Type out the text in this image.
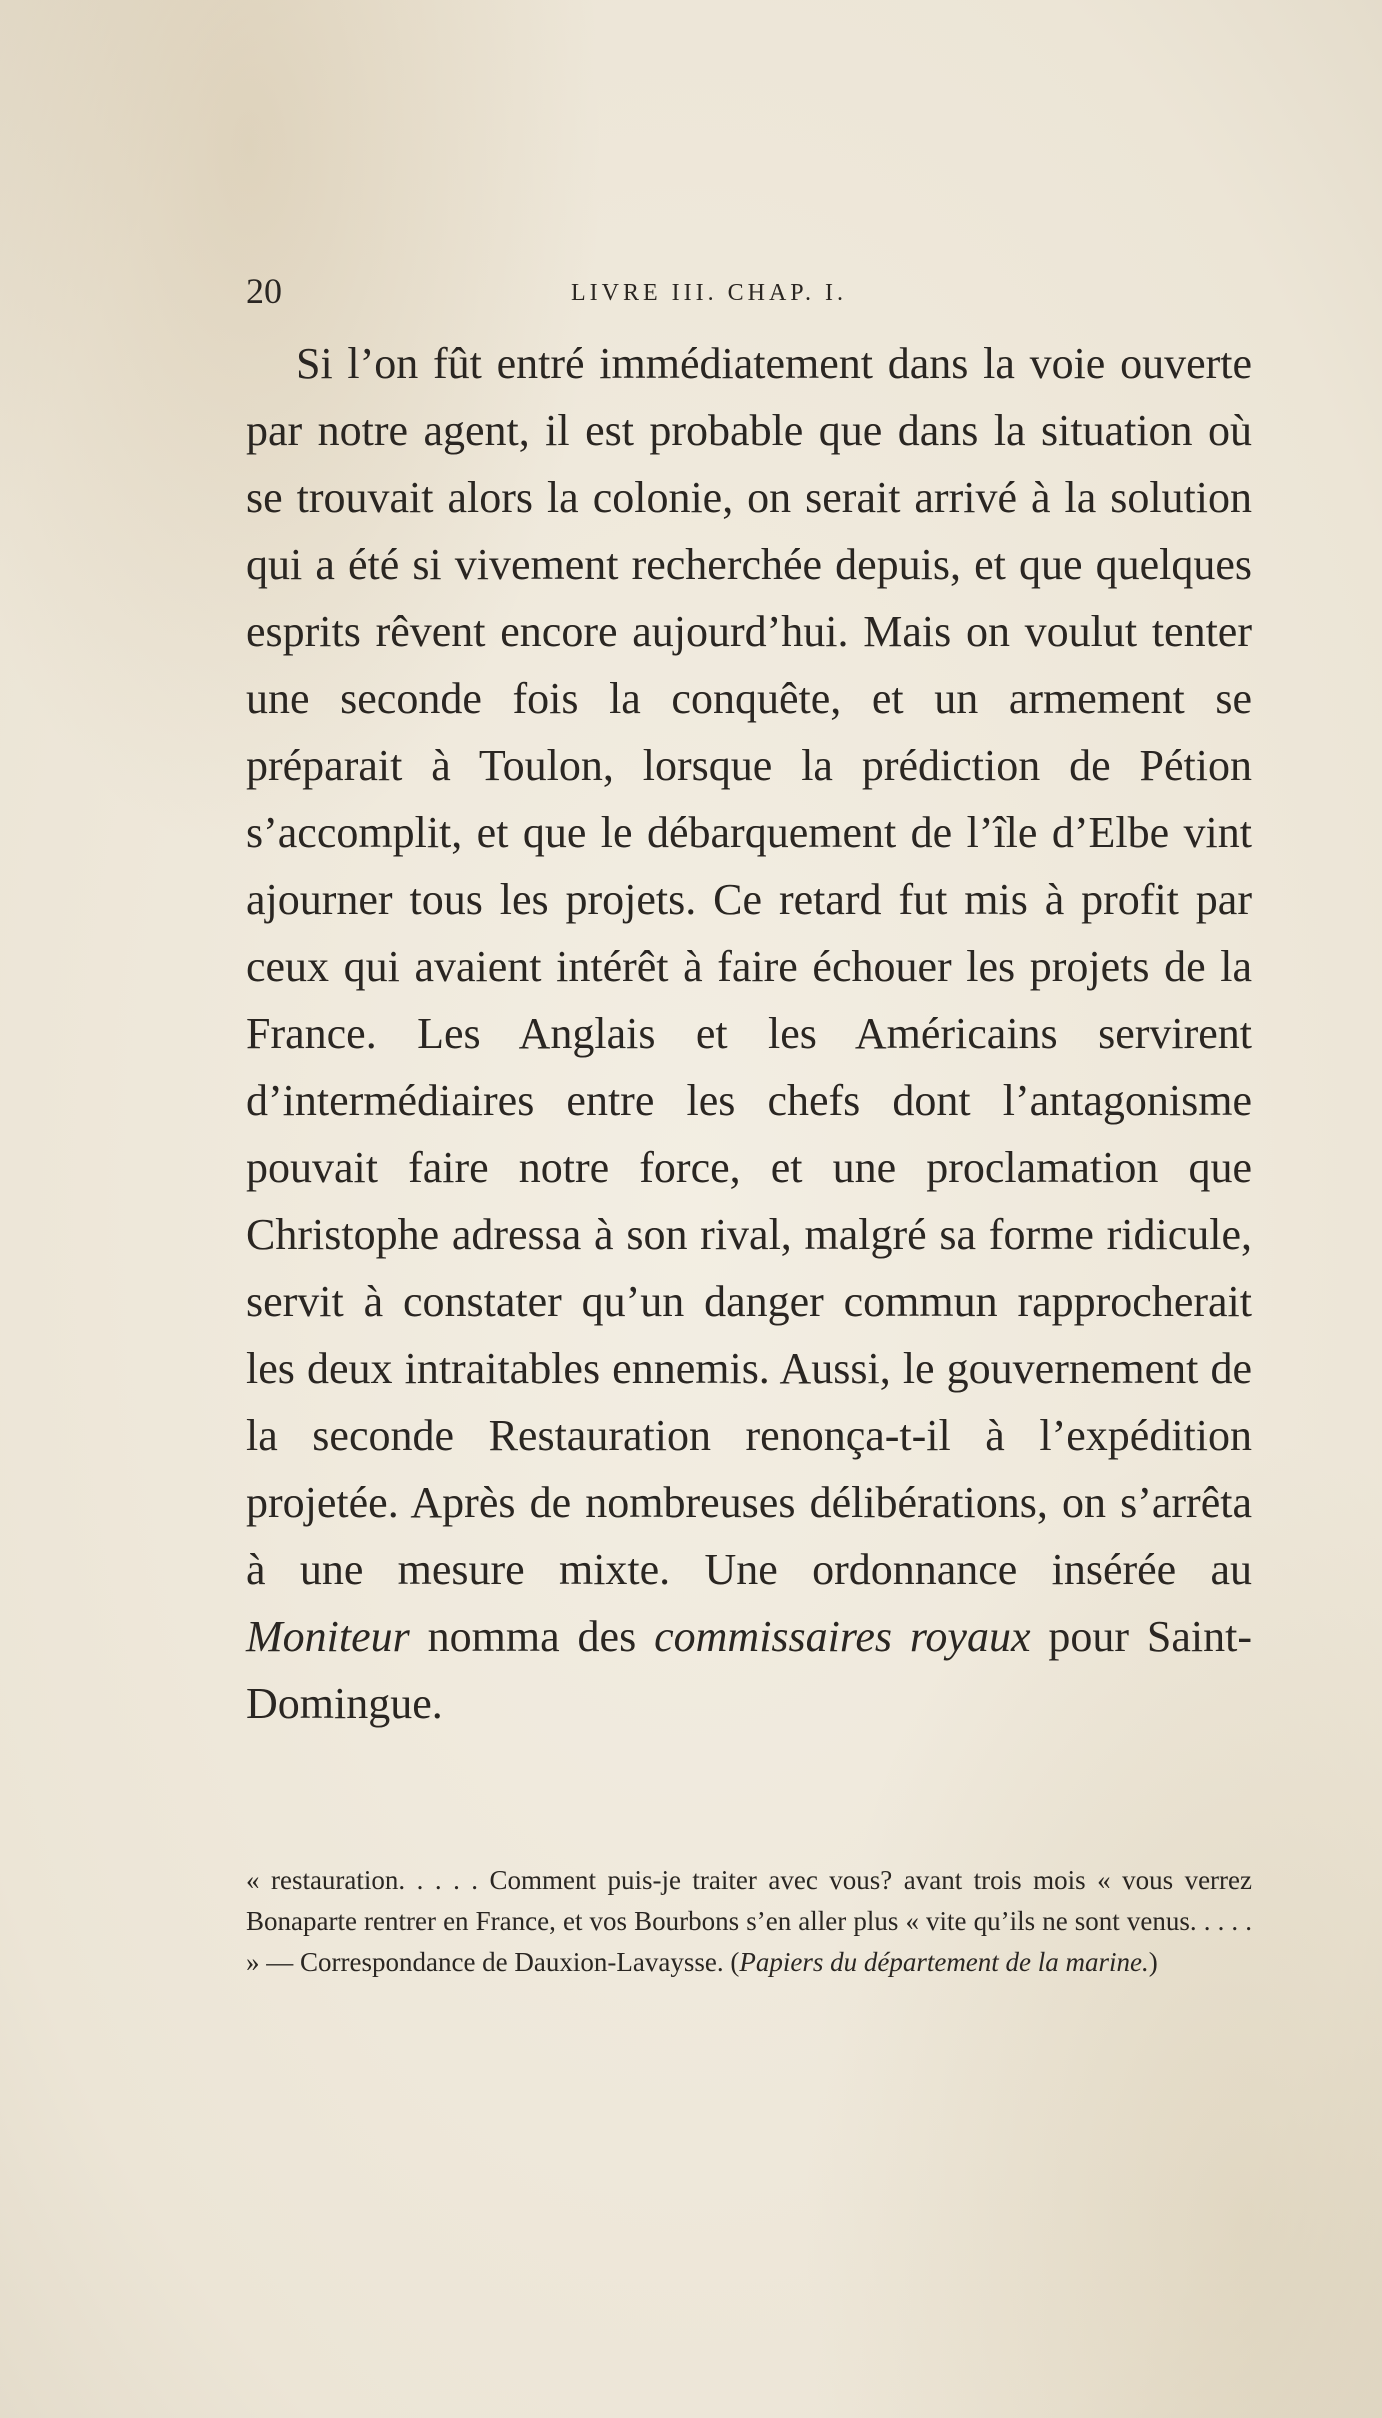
20	LIVRE III. CHAP. I.

Si l’on fût entré immédiatement dans la voie ouverte par notre agent, il est probable que dans la situation où se trouvait alors la colonie, on serait arrivé à la solution qui a été si vivement recherchée depuis, et que quelques esprits rêvent encore aujourd’hui. Mais on voulut tenter une seconde fois la conquête, et un armement se préparait à Toulon, lorsque la prédiction de Pétion s’accomplit, et que le débarquement de l’île d’Elbe vint ajourner tous les projets. Ce retard fut mis à profit par ceux qui avaient intérêt à faire échouer les projets de la France. Les Anglais et les Américains servirent d’intermédiaires entre les chefs dont l’antagonisme pouvait faire notre force, et une proclamation que Christophe adressa à son rival, malgré sa forme ridicule, servit à constater qu’un danger commun rapprocherait les deux intraitables ennemis. Aussi, le gouvernement de la seconde Restauration renonça-t-il à l’expédition projetée. Après de nombreuses délibérations, on s’arrêta à une mesure mixte. Une ordonnance insérée au Moniteur nomma des commissaires royaux pour Saint-Domingue.

« restauration. . . . . Comment puis-je traiter avec vous? avant trois mois « vous verrez Bonaparte rentrer en France, et vos Bourbons s’en aller plus « vite qu’ils ne sont venus. . . . . » — Correspondance de Dauxion-Lavaysse. (Papiers du département de la marine.)
